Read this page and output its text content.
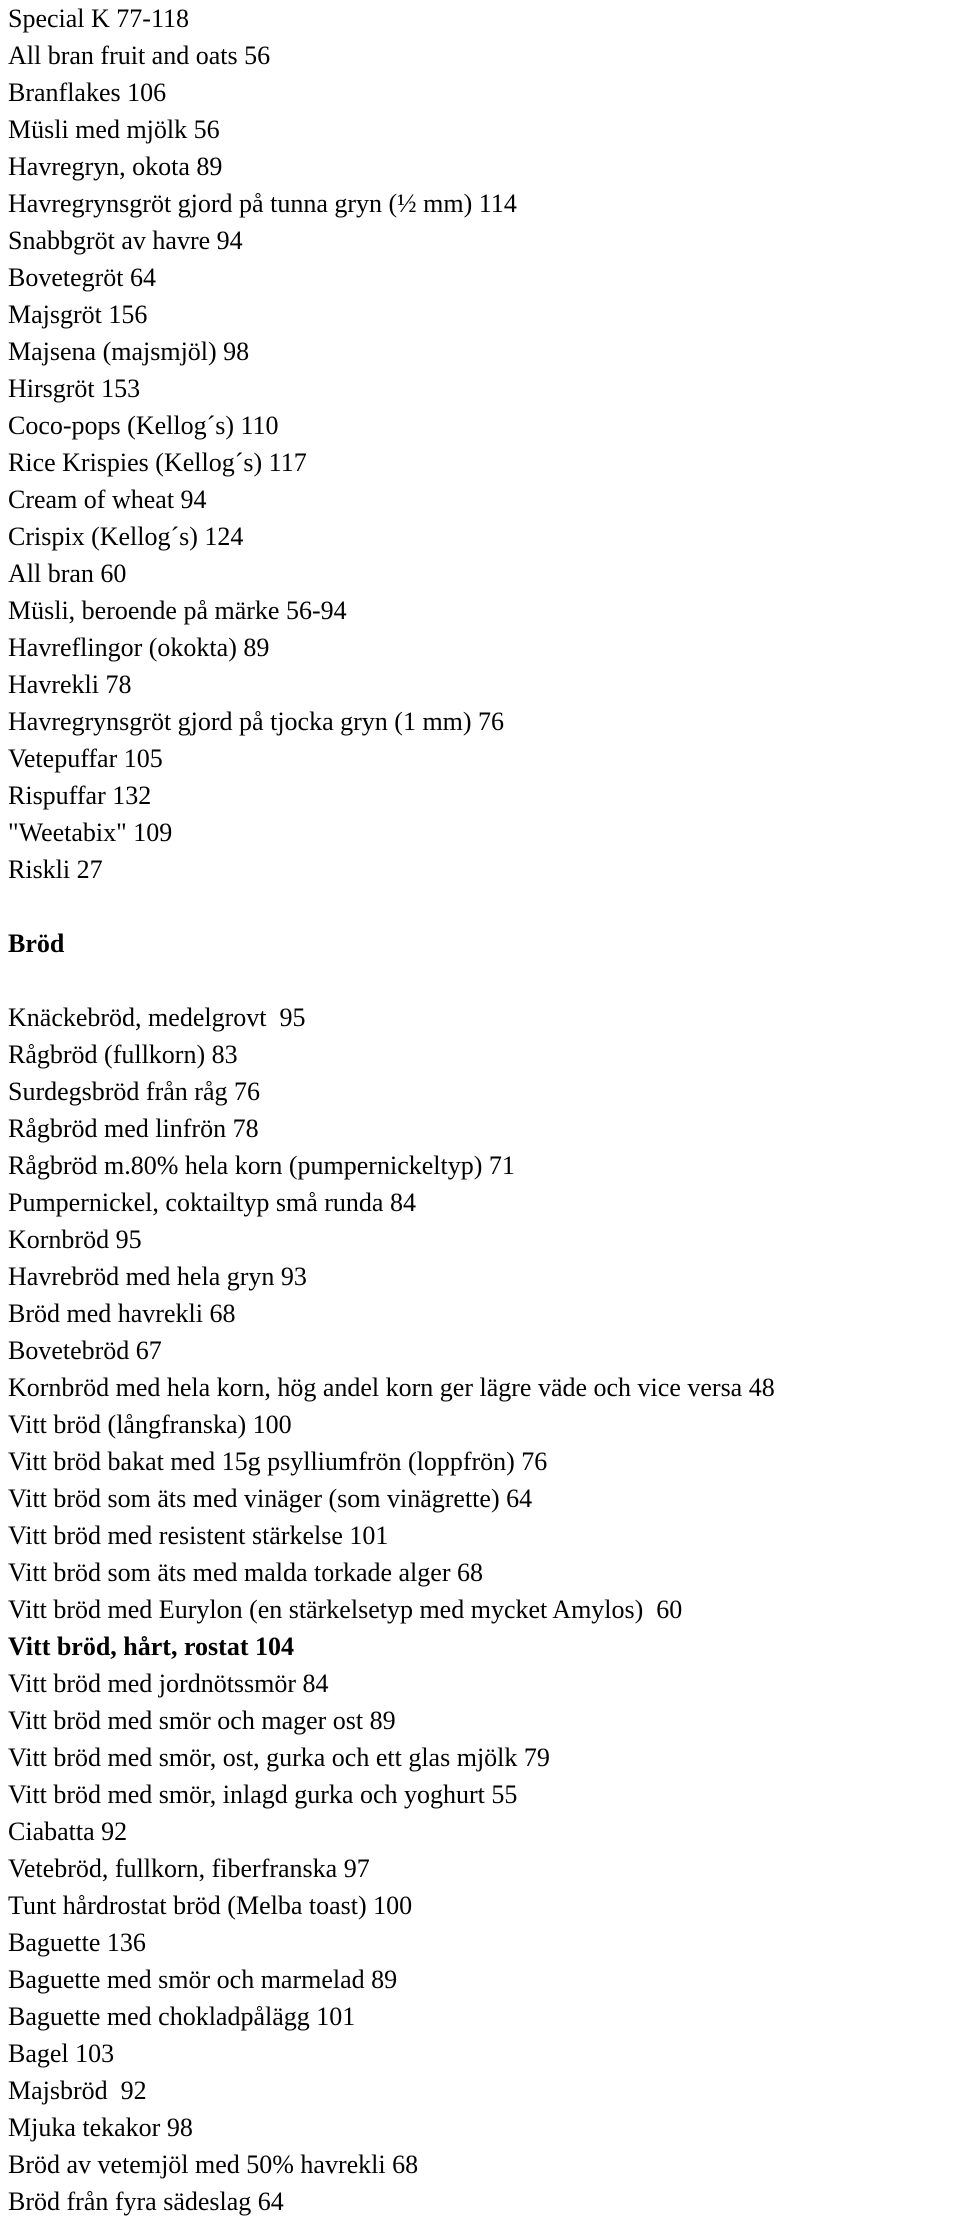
Special K 77-118
All bran fruit and oats 56
Branflakes 106
Müsli med mjölk 56
Havregryn, okota 89
Havregrynsgröt gjord på tunna gryn (½ mm) 114
Snabbgröt av havre 94
Bovetegröt 64
Majsgröt 156
Majsena (majsmjöl) 98
Hirsgröt 153
Coco-pops (Kellog´s) 110
Rice Krispies (Kellog´s) 117
Cream of wheat 94
Crispix (Kellog´s) 124
All bran 60
Müsli, beroende på märke 56-94
Havreflingor (okokta) 89
Havrekli 78
Havregrynsgröt gjord på tjocka gryn (1 mm) 76
Vetepuffar 105
Rispuffar 132
"Weetabix" 109
Riskli 27
Bröd
Knäckebröd, medelgrovt  95
Rågbröd (fullkorn) 83
Surdegsbröd från råg 76
Rågbröd med linfrön 78
Rågbröd m.80% hela korn (pumpernickeltyp) 71
Pumpernickel, coktailtyp små runda 84
Kornbröd 95
Havrebröd med hela gryn 93
Bröd med havrekli 68
Bovetebröd 67
Kornbröd med hela korn, hög andel korn ger lägre väde och vice versa 48
Vitt bröd (långfranska) 100
Vitt bröd bakat med 15g psylliumfrön (loppfrön) 76
Vitt bröd som äts med vinäger (som vinägrette) 64
Vitt bröd med resistent stärkelse 101
Vitt bröd som äts med malda torkade alger 68
Vitt bröd med Eurylon (en stärkelsetyp med mycket Amylos)  60
Vitt bröd, hårt, rostat 104
Vitt bröd med jordnötssmör 84
Vitt bröd med smör och mager ost 89
Vitt bröd med smör, ost, gurka och ett glas mjölk 79
Vitt bröd med smör, inlagd gurka och yoghurt 55
Ciabatta 92
Vetebröd, fullkorn, fiberfranska 97
Tunt hårdrostat bröd (Melba toast) 100
Baguette 136
Baguette med smör och marmelad 89
Baguette med chokladpålägg 101
Bagel 103
Majsbröd  92
Mjuka tekakor 98
Bröd av vetemjöl med 50% havrekli 68
Bröd från fyra sädeslag 64
